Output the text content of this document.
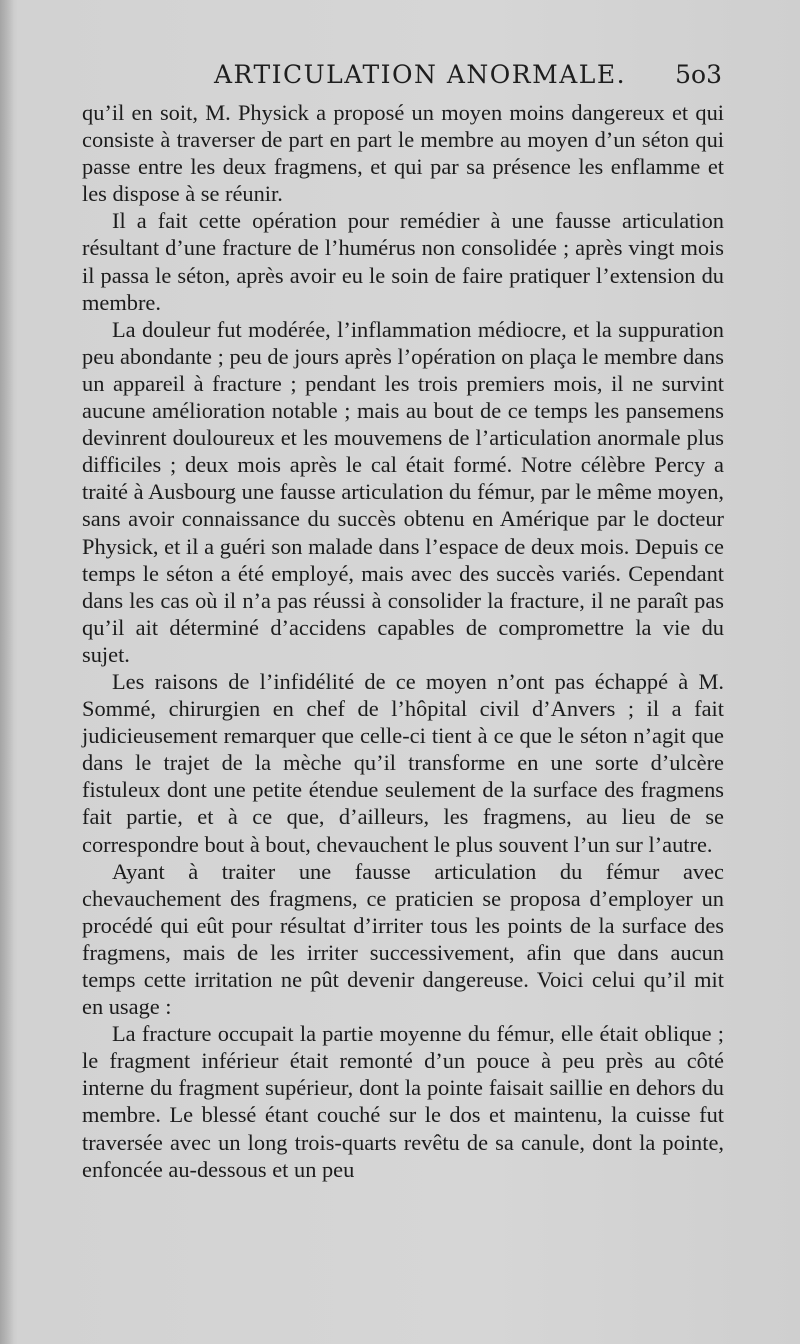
ARTICULATION ANORMALE. 5o3

qu’il en soit, M. Physick a proposé un moyen moins dangereux et qui consiste à traverser de part en part le membre au moyen d’un séton qui passe entre les deux fragmens, et qui par sa présence les enflamme et les dispose à se réunir.

Il a fait cette opération pour remédier à une fausse articulation résultant d’une fracture de l’humérus non consolidée ; après vingt mois il passa le séton, après avoir eu le soin de faire pratiquer l’extension du membre.

La douleur fut modérée, l’inflammation médiocre, et la suppuration peu abondante ; peu de jours après l’opération on plaça le membre dans un appareil à fracture ; pendant les trois premiers mois, il ne survint aucune amélioration notable ; mais au bout de ce temps les pansemens devinrent douloureux et les mouvemens de l’articulation anormale plus difficiles ; deux mois après le cal était formé. Notre célèbre Percy a traité à Ausbourg une fausse articulation du fémur, par le même moyen, sans avoir connaissance du succès obtenu en Amérique par le docteur Physick, et il a guéri son malade dans l’espace de deux mois. Depuis ce temps le séton a été employé, mais avec des succès variés. Cependant dans les cas où il n’a pas réussi à consolider la fracture, il ne paraît pas qu’il ait déterminé d’accidens capables de compromettre la vie du sujet.

Les raisons de l’infidélité de ce moyen n’ont pas échappé à M. Sommé, chirurgien en chef de l’hôpital civil d’Anvers ; il a fait judicieusement remarquer que celle-ci tient à ce que le séton n’agit que dans le trajet de la mèche qu’il transforme en une sorte d’ulcère fistuleux dont une petite étendue seulement de la surface des fragmens fait partie, et à ce que, d’ailleurs, les fragmens, au lieu de se correspondre bout à bout, chevauchent le plus souvent l’un sur l’autre.

Ayant à traiter une fausse articulation du fémur avec chevauchement des fragmens, ce praticien se proposa d’employer un procédé qui eût pour résultat d’irriter tous les points de la surface des fragmens, mais de les irriter successivement, afin que dans aucun temps cette irritation ne pût devenir dangereuse. Voici celui qu’il mit en usage :

La fracture occupait la partie moyenne du fémur, elle était oblique ; le fragment inférieur était remonté d’un pouce à peu près au côté interne du fragment supérieur, dont la pointe faisait saillie en dehors du membre. Le blessé étant couché sur le dos et maintenu, la cuisse fut traversée avec un long trois-quarts revêtu de sa canule, dont la pointe, enfoncée au-dessous et un peu
